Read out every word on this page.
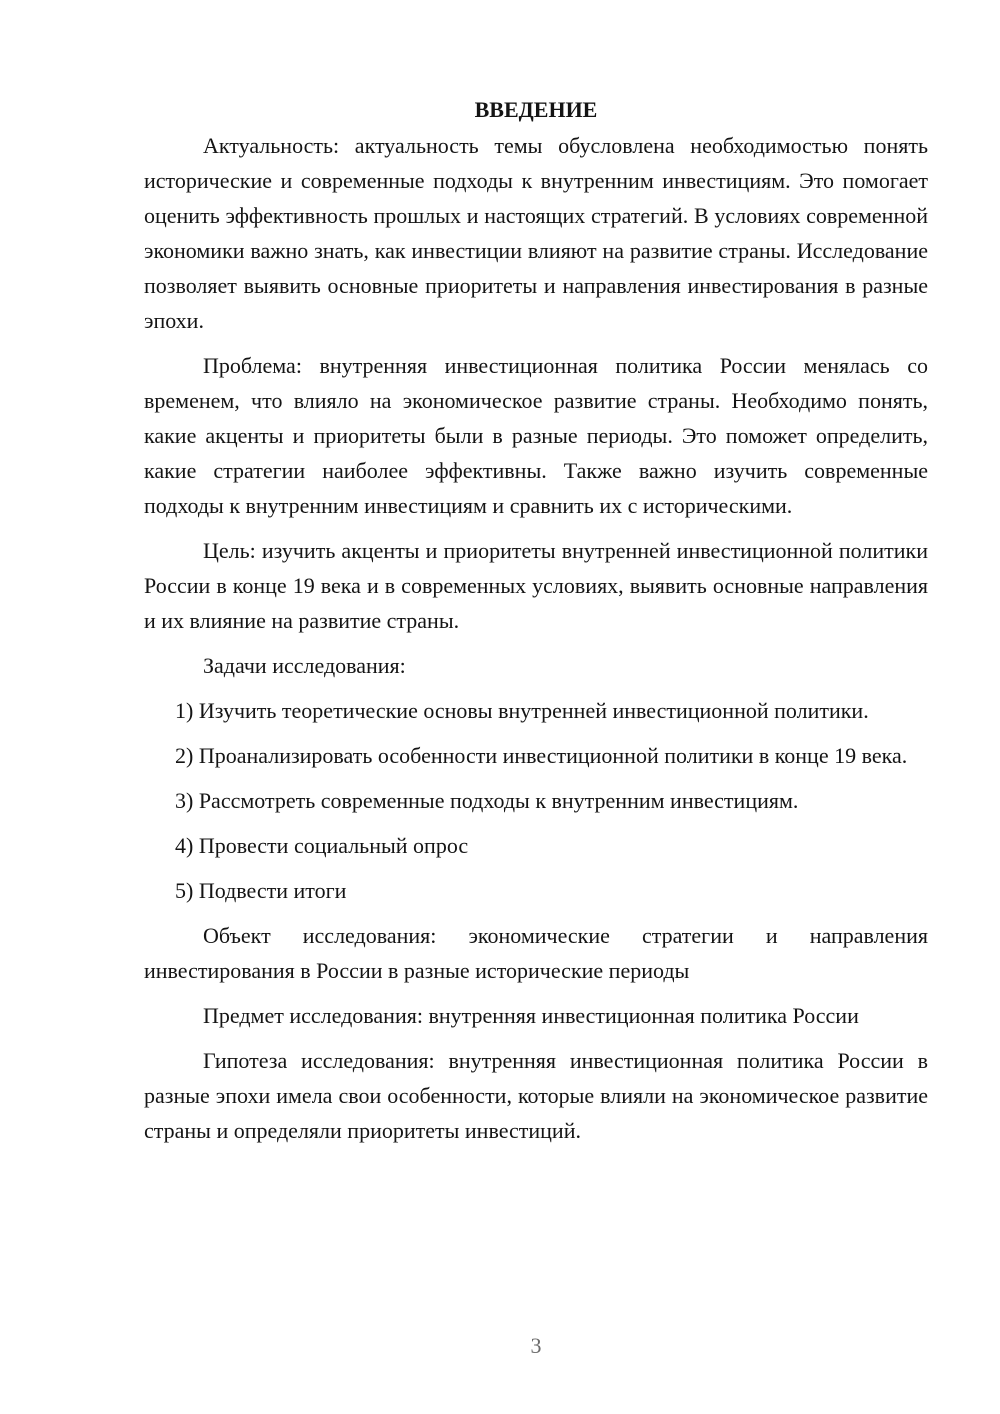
ВВЕДЕНИЕ

Актуальность: актуальность темы обусловлена необходимостью понять исторические и современные подходы к внутренним инвестициям. Это помогает оценить эффективность прошлых и настоящих стратегий. В условиях современной экономики важно знать, как инвестиции влияют на развитие страны. Исследование позволяет выявить основные приоритеты и направления инвестирования в разные эпохи.

Проблема: внутренняя инвестиционная политика России менялась со временем, что влияло на экономическое развитие страны. Необходимо понять, какие акценты и приоритеты были в разные периоды. Это поможет определить, какие стратегии наиболее эффективны. Также важно изучить современные подходы к внутренним инвестициям и сравнить их с историческими.

Цель: изучить акценты и приоритеты внутренней инвестиционной политики России в конце 19 века и в современных условиях, выявить основные направления и их влияние на развитие страны.

Задачи исследования:

1) Изучить теоретические основы внутренней инвестиционной политики.

2) Проанализировать особенности инвестиционной политики в конце 19 века.

3) Рассмотреть современные подходы к внутренним инвестициям.

4) Провести социальный опрос

5) Подвести итоги

Объект исследования: экономические стратегии и направления инвестирования в России в разные исторические периоды

Предмет исследования: внутренняя инвестиционная политика России

Гипотеза исследования: внутренняя инвестиционная политика России в разные эпохи имела свои особенности, которые влияли на экономическое развитие страны и определяли приоритеты инвестиций.

3
